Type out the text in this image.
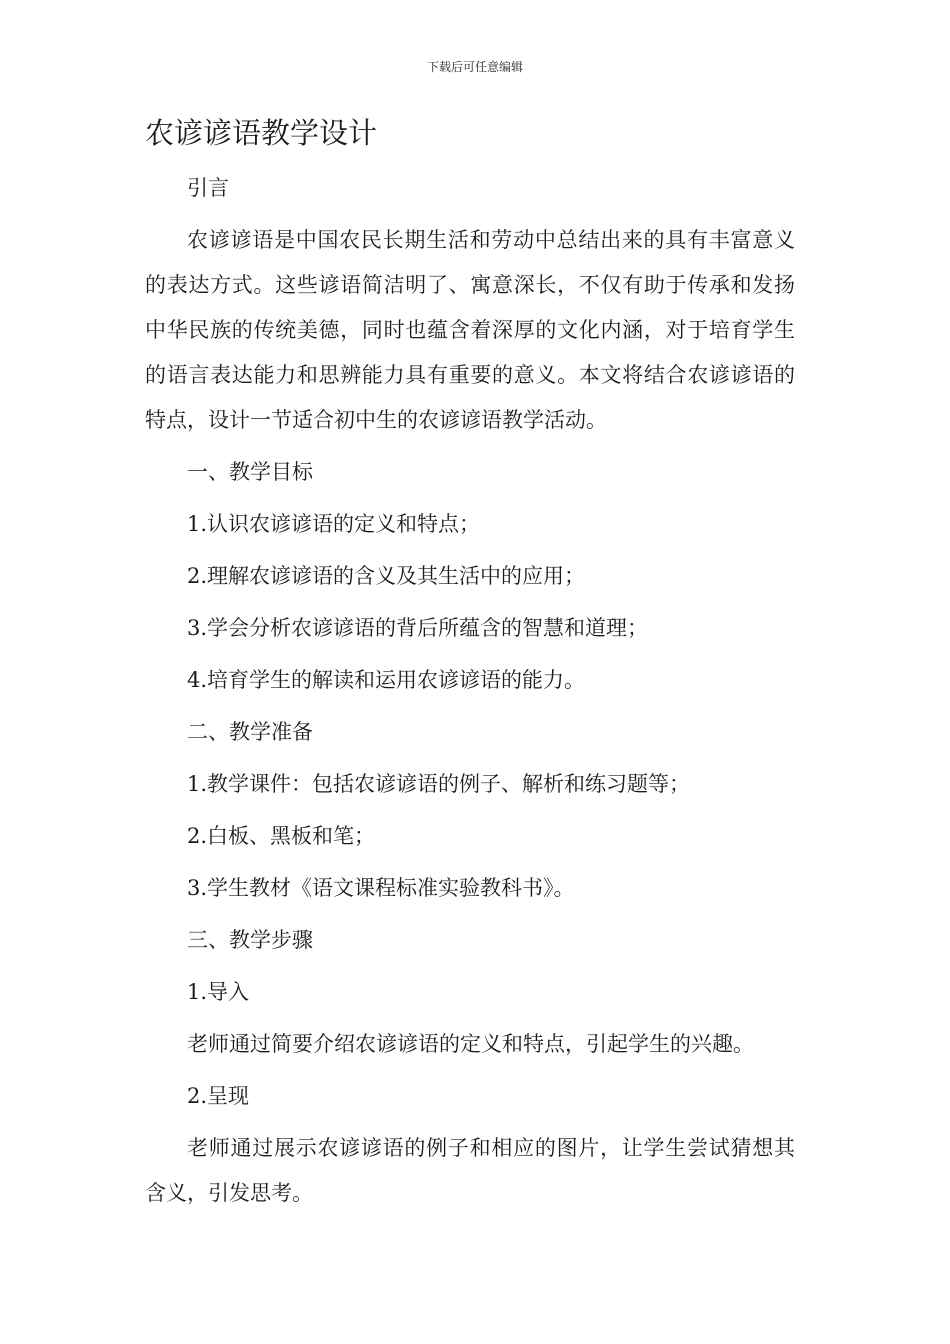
下载后可任意编辑
农谚谚语教学设计

引言

农谚谚语是中国农民长期生活和劳动中总结出来的具有丰富意义的表达方式。这些谚语简洁明了、寓意深长，不仅有助于传承和发扬中华民族的传统美德，同时也蕴含着深厚的文化内涵，对于培育学生的语言表达能力和思辨能力具有重要的意义。本文将结合农谚谚语的特点，设计一节适合初中生的农谚谚语教学活动。

一、教学目标

1.认识农谚谚语的定义和特点；

2.理解农谚谚语的含义及其生活中的应用；

3.学会分析农谚谚语的背后所蕴含的智慧和道理；

4.培育学生的解读和运用农谚谚语的能力。

二、教学准备

1.教学课件：包括农谚谚语的例子、解析和练习题等；

2.白板、黑板和笔；

3.学生教材《语文课程标准实验教科书》。

三、教学步骤

1.导入

老师通过简要介绍农谚谚语的定义和特点，引起学生的兴趣。

2.呈现

老师通过展示农谚谚语的例子和相应的图片，让学生尝试猜想其含义，引发思考。
